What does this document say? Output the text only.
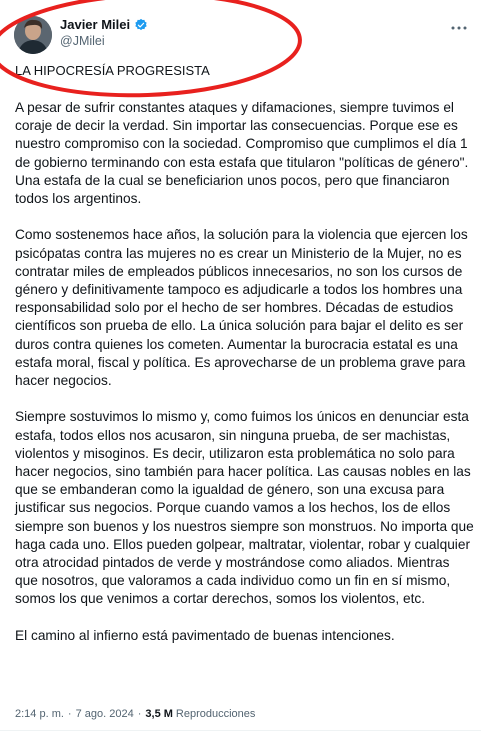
Javier Milei
@JMilei
LA HIPOCRESÍA PROGRESISTA

A pesar de sufrir constantes ataques y difamaciones, siempre tuvimos el coraje de decir la verdad. Sin importar las consecuencias. Porque ese es nuestro compromiso con la sociedad. Compromiso que cumplimos el día 1 de gobierno terminando con esta estafa que titularon "políticas de género". Una estafa de la cual se beneficiarion unos pocos, pero que financiaron todos los argentinos.

Como sostenemos hace años, la solución para la violencia que ejercen los psicópatas contra las mujeres no es crear un Ministerio de la Mujer, no es contratar miles de empleados públicos innecesarios, no son los cursos de género y definitivamente tampoco es adjudicarle a todos los hombres una responsabilidad solo por el hecho de ser hombres. Décadas de estudios científicos son prueba de ello. La única solución para bajar el delito es ser duros contra quienes los cometen. Aumentar la burocracia estatal es una estafa moral, fiscal y política. Es aprovecharse de un problema grave para hacer negocios.

Siempre sostuvimos lo mismo y, como fuimos los únicos en denunciar esta estafa, todos ellos nos acusaron, sin ninguna prueba, de ser machistas, violentos y misoginos. Es decir, utilizaron esta problemática no solo para hacer negocios, sino también para hacer política. Las causas nobles en las que se embanderan como la igualdad de género, son una excusa para justificar sus negocios. Porque cuando vamos a los hechos, los de ellos siempre son buenos y los nuestros siempre son monstruos. No importa que haga cada uno. Ellos pueden golpear, maltratar, violentar, robar y cualquier otra atrocidad pintados de verde y mostrándose como aliados. Mientras que nosotros, que valoramos a cada individuo como un fin en sí mismo, somos los que venimos a cortar derechos, somos los violentos, etc.

El camino al infierno está pavimentado de buenas intenciones.

2:14 p. m. · 7 ago. 2024 · 3,5 M Reproducciones
